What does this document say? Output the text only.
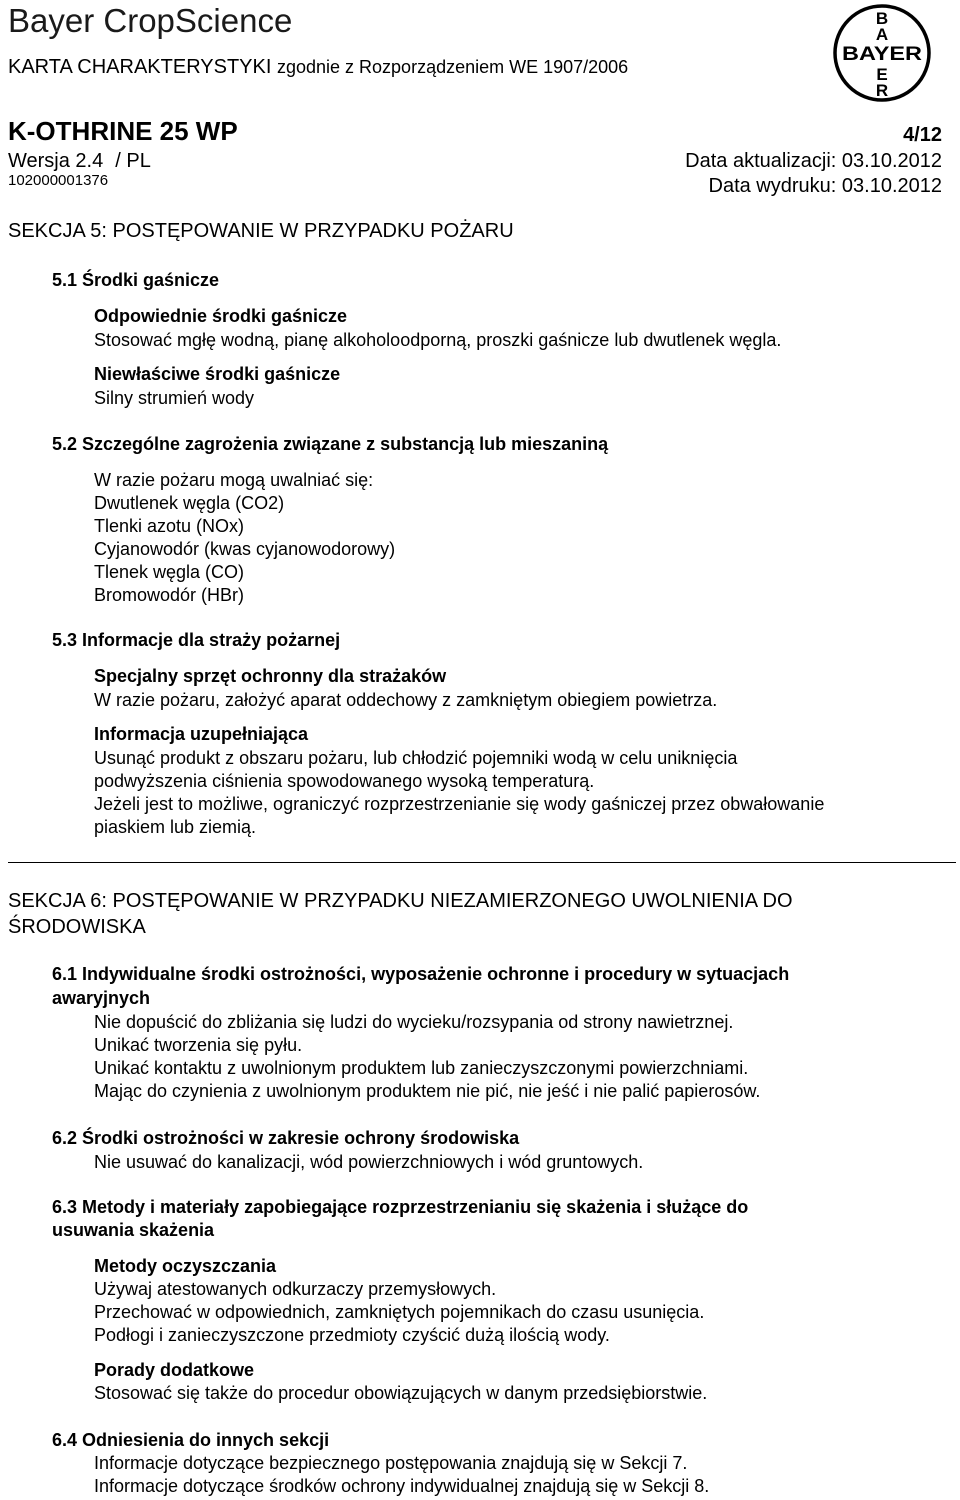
Bayer CropScience
KARTA CHARAKTERYSTYKI zgodnie z Rozporządzeniem WE 1907/2006
B
A
BAYER
E
R
K-OTHRINE 25 WP	4/12
Wersja 2.4 / PL	Data aktualizacji: 03.10.2012
102000001376	Data wydruku: 03.10.2012
SEKCJA 5: POSTĘPOWANIE W PRZYPADKU POŻARU
5.1 Środki gaśnicze
Odpowiednie środki gaśnicze
Stosować mgłę wodną, pianę alkoholoodporną, proszki gaśnicze lub dwutlenek węgla.
Niewłaściwe środki gaśnicze
Silny strumień wody
5.2 Szczególne zagrożenia związane z substancją lub mieszaniną
W razie pożaru mogą uwalniać się:
Dwutlenek węgla (CO2)
Tlenki azotu (NOx)
Cyjanowodór (kwas cyjanowodorowy)
Tlenek węgla (CO)
Bromowodór (HBr)
5.3 Informacje dla straży pożarnej
Specjalny sprzęt ochronny dla strażaków
W razie pożaru, założyć aparat oddechowy z zamkniętym obiegiem powietrza.
Informacja uzupełniająca
Usunąć produkt z obszaru pożaru, lub chłodzić pojemniki wodą w celu uniknięcia
podwyższenia ciśnienia spowodowanego wysoką temperaturą.
Jeżeli jest to możliwe, ograniczyć rozprzestrzenianie się wody gaśniczej przez obwałowanie
piaskiem lub ziemią.
SEKCJA 6: POSTĘPOWANIE W PRZYPADKU NIEZAMIERZONEGO UWOLNIENIA DO
ŚRODOWISKA
6.1 Indywidualne środki ostrożności, wyposażenie ochronne i procedury w sytuacjach
awaryjnych
Nie dopuścić do zbliżania się ludzi do wycieku/rozsypania od strony nawietrznej.
Unikać tworzenia się pyłu.
Unikać kontaktu z uwolnionym produktem lub zanieczyszczonymi powierzchniami.
Mając do czynienia z uwolnionym produktem nie pić, nie jeść i nie palić papierosów.
6.2 Środki ostrożności w zakresie ochrony środowiska
Nie usuwać do kanalizacji, wód powierzchniowych i wód gruntowych.
6.3 Metody i materiały zapobiegające rozprzestrzenianiu się skażenia i służące do
usuwania skażenia
Metody oczyszczania
Używaj atestowanych odkurzaczy przemysłowych.
Przechować w odpowiednich, zamkniętych pojemnikach do czasu usunięcia.
Podłogi i zanieczyszczone przedmioty czyścić dużą ilością wody.
Porady dodatkowe
Stosować się także do procedur obowiązujących w danym przedsiębiorstwie.
6.4 Odniesienia do innych sekcji
Informacje dotyczące bezpiecznego postępowania znajdują się w Sekcji 7.
Informacje dotyczące środków ochrony indywidualnej znajdują się w Sekcji 8.
